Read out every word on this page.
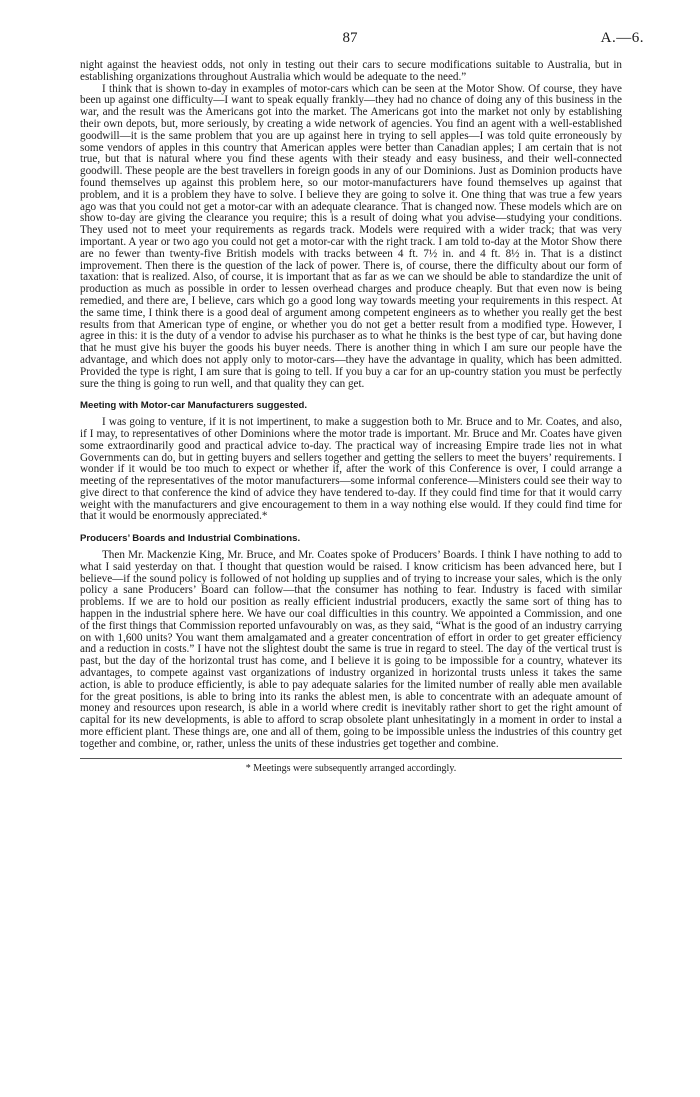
87	A.—6.

night against the heaviest odds, not only in testing out their cars to secure modifications suitable to Australia, but in establishing organizations throughout Australia which would be adequate to the need.”

I think that is shown to-day in examples of motor-cars which can be seen at the Motor Show. Of course, they have been up against one difficulty—I want to speak equally frankly—they had no chance of doing any of this business in the war, and the result was the Americans got into the market. The Americans got into the market not only by establishing their own depots, but, more seriously, by creating a wide network of agencies. You find an agent with a well-established goodwill—it is the same problem that you are up against here in trying to sell apples—I was told quite erroneously by some vendors of apples in this country that American apples were better than Canadian apples; I am certain that is not true, but that is natural where you find these agents with their steady and easy business, and their well-connected goodwill. These people are the best travellers in foreign goods in any of our Dominions. Just as Dominion products have found themselves up against this problem here, so our motor-manufacturers have found themselves up against that problem, and it is a problem they have to solve. I believe they are going to solve it. One thing that was true a few years ago was that you could not get a motor-car with an adequate clearance. That is changed now. These models which are on show to-day are giving the clearance you require; this is a result of doing what you advise—studying your conditions. They used not to meet your requirements as regards track. Models were required with a wider track; that was very important. A year or two ago you could not get a motor-car with the right track. I am told to-day at the Motor Show there are no fewer than twenty-five British models with tracks between 4 ft. 7½ in. and 4 ft. 8½ in. That is a distinct improvement. Then there is the question of the lack of power. There is, of course, there the difficulty about our form of taxation: that is realized. Also, of course, it is important that as far as we can we should be able to standardize the unit of production as much as possible in order to lessen overhead charges and produce cheaply. But that even now is being remedied, and there are, I believe, cars which go a good long way towards meeting your requirements in this respect. At the same time, I think there is a good deal of argument among competent engineers as to whether you really get the best results from that American type of engine, or whether you do not get a better result from a modified type. However, I agree in this: it is the duty of a vendor to advise his purchaser as to what he thinks is the best type of car, but having done that he must give his buyer the goods his buyer needs. There is another thing in which I am sure our people have the advantage, and which does not apply only to motor-cars—they have the advantage in quality, which has been admitted. Provided the type is right, I am sure that is going to tell. If you buy a car for an up-country station you must be perfectly sure the thing is going to run well, and that quality they can get.

Meeting with Motor-car Manufacturers suggested.

I was going to venture, if it is not impertinent, to make a suggestion both to Mr. Bruce and to Mr. Coates, and also, if I may, to representatives of other Dominions where the motor trade is important. Mr. Bruce and Mr. Coates have given some extraordinarily good and practical advice to-day. The practical way of increasing Empire trade lies not in what Governments can do, but in getting buyers and sellers together and getting the sellers to meet the buyers’ requirements. I wonder if it would be too much to expect or whether if, after the work of this Conference is over, I could arrange a meeting of the representatives of the motor manufacturers—some informal conference—Ministers could see their way to give direct to that conference the kind of advice they have tendered to-day. If they could find time for that it would carry weight with the manufacturers and give encouragement to them in a way nothing else would. If they could find time for that it would be enormously appreciated.*

Producers’ Boards and Industrial Combinations.

Then Mr. Mackenzie King, Mr. Bruce, and Mr. Coates spoke of Producers’ Boards. I think I have nothing to add to what I said yesterday on that. I thought that question would be raised. I know criticism has been advanced here, but I believe—if the sound policy is followed of not holding up supplies and of trying to increase your sales, which is the only policy a sane Producers’ Board can follow—that the consumer has nothing to fear. Industry is faced with similar problems. If we are to hold our position as really efficient industrial producers, exactly the same sort of thing has to happen in the industrial sphere here. We have our coal difficulties in this country. We appointed a Commission, and one of the first things that Commission reported unfavourably on was, as they said, “What is the good of an industry carrying on with 1,600 units? You want them amalgamated and a greater concentration of effort in order to get greater efficiency and a reduction in costs.” I have not the slightest doubt the same is true in regard to steel. The day of the vertical trust is past, but the day of the horizontal trust has come, and I believe it is going to be impossible for a country, whatever its advantages, to compete against vast organizations of industry organized in horizontal trusts unless it takes the same action, is able to produce efficiently, is able to pay adequate salaries for the limited number of really able men available for the great positions, is able to bring into its ranks the ablest men, is able to concentrate with an adequate amount of money and resources upon research, is able in a world where credit is inevitably rather short to get the right amount of capital for its new developments, is able to afford to scrap obsolete plant unhesitatingly in a moment in order to instal a more efficient plant. These things are, one and all of them, going to be impossible unless the industries of this country get together and combine, or, rather, unless the units of these industries get together and combine.

* Meetings were subsequently arranged accordingly.
